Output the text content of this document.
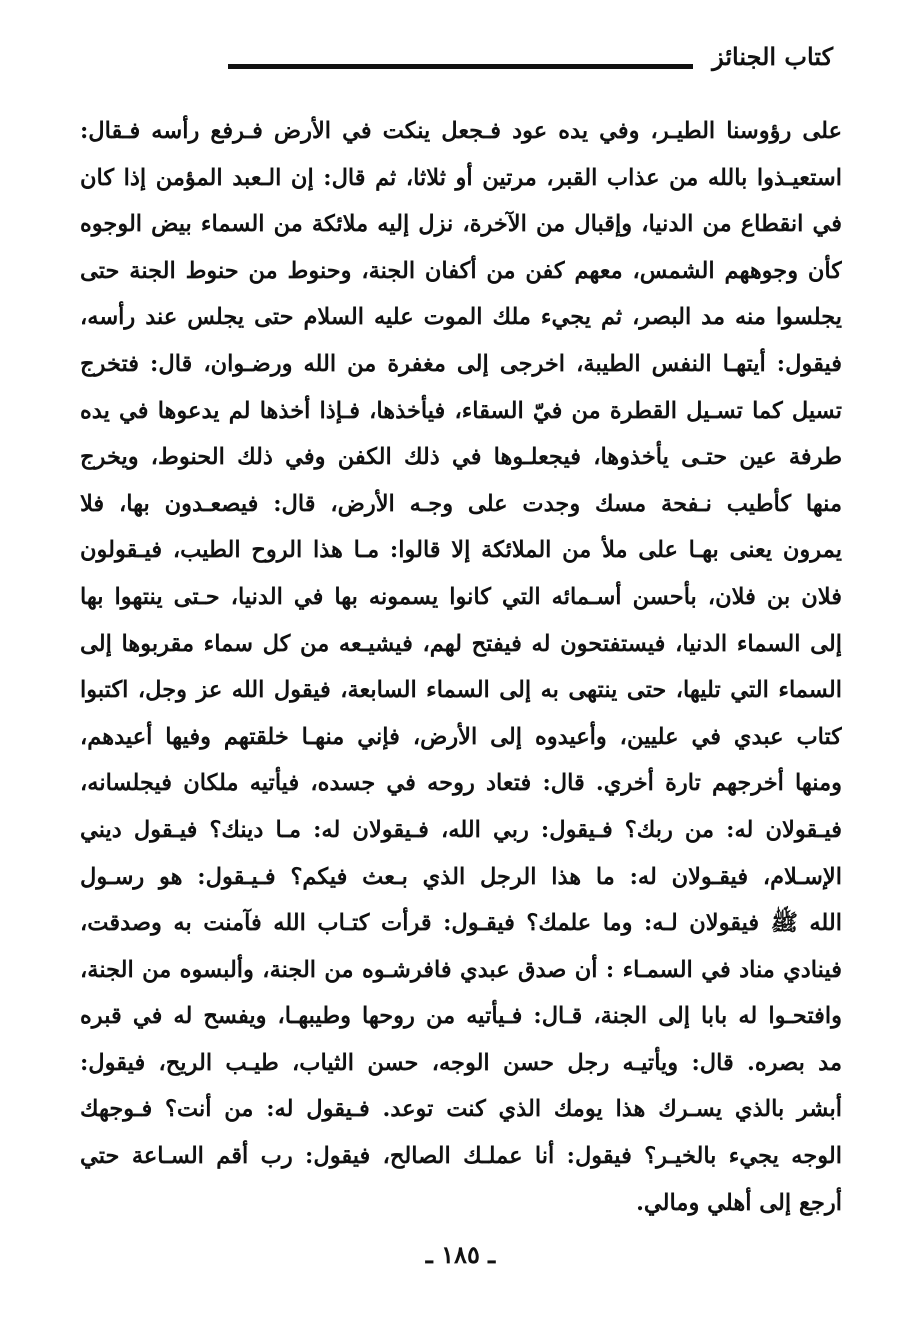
كتاب الجنائز
على رؤوسنا الطيـر، وفي يده عود فـجعل ينكت في الأرض فـرفع رأسه فـقال:
استعيـذوا بالله من عذاب القبر، مرتين أو ثلاثا، ثم قال: إن الـعبد المؤمن إذا كان
في انقطاع من الدنيا، وإقبال من الآخرة، نزل إليه ملائكة من السماء بيض الوجوه
كأن وجوههم الشمس، معهم كفن من أكفان الجنة، وحنوط من حنوط الجنة حتى
يجلسوا منه مد البصر، ثم يجيء ملك الموت عليه السلام حتى يجلس عند رأسه،
فيقول: أيتهـا النفس الطيبة، اخرجى إلى مغفرة من الله ورضـوان، قال: فتخرج
تسيل كما تسـيل القطرة من فيّ السقاء، فيأخذها، فـإذا أخذها لم يدعوها في يده
طرفة عين حتـى يأخذوها، فيجعلـوها في ذلك الكفن وفي ذلك الحنوط، ويخرج
منها كأطيب نـفحة مسك وجدت على وجـه الأرض، قال: فيصعـدون بها، فلا
يمرون يعنى بهـا على ملأ من الملائكة إلا قالوا: مـا هذا الروح الطيب، فيـقولون
فلان بن فلان، بأحسن أسـمائه التي كانوا يسمونه بها في الدنيا، حـتى ينتهوا بها
إلى السماء الدنيا، فيستفتحون له فيفتح لهم، فيشيـعه من كل سماء مقربوها إلى
السماء التي تليها، حتى ينتهى به إلى السماء السابعة، فيقول الله عز وجل، اكتبوا
كتاب عبدي في عليين، وأعيدوه إلى الأرض، فإني منهـا خلقتهم وفيها أعيدهم،
ومنها أخرجهم تارة أخري. قال: فتعاد روحه في جسده، فيأتيه ملكان فيجلسانه،
فيـقولان له: من ربك؟ فـيقول: ربي الله، فـيقولان له: مـا دينك؟ فيـقول ديني
الإسـلام، فيقـولان له: ما هذا الرجل الذي بـعث فيكم؟ فـيـقول: هو رسـول
الله ﷺ فيقولان لـه: وما علمك؟ فيقـول: قرأت كتـاب الله فآمنت به وصدقت،
فينادي مناد في السمـاء : أن صدق عبدي فافرشـوه من الجنة، وألبسوه من الجنة،
وافتحـوا له بابا إلى الجنة، قـال: فـيأتيه من روحها وطيبهـا، ويفسح له في قبره
مد بصره. قال: ويأتيـه رجل حسن الوجه، حسن الثياب، طيـب الريح، فيقول:
أبشر بالذي يسـرك هذا يومك الذي كنت توعد. فـيقول له: من أنت؟ فـوجهك
الوجه يجيء بالخيـر؟ فيقول: أنا عملـك الصالح، فيقول: رب أقم السـاعة حتي
أرجع إلى أهلي ومالي.
ـ ١٨٥ ـ
